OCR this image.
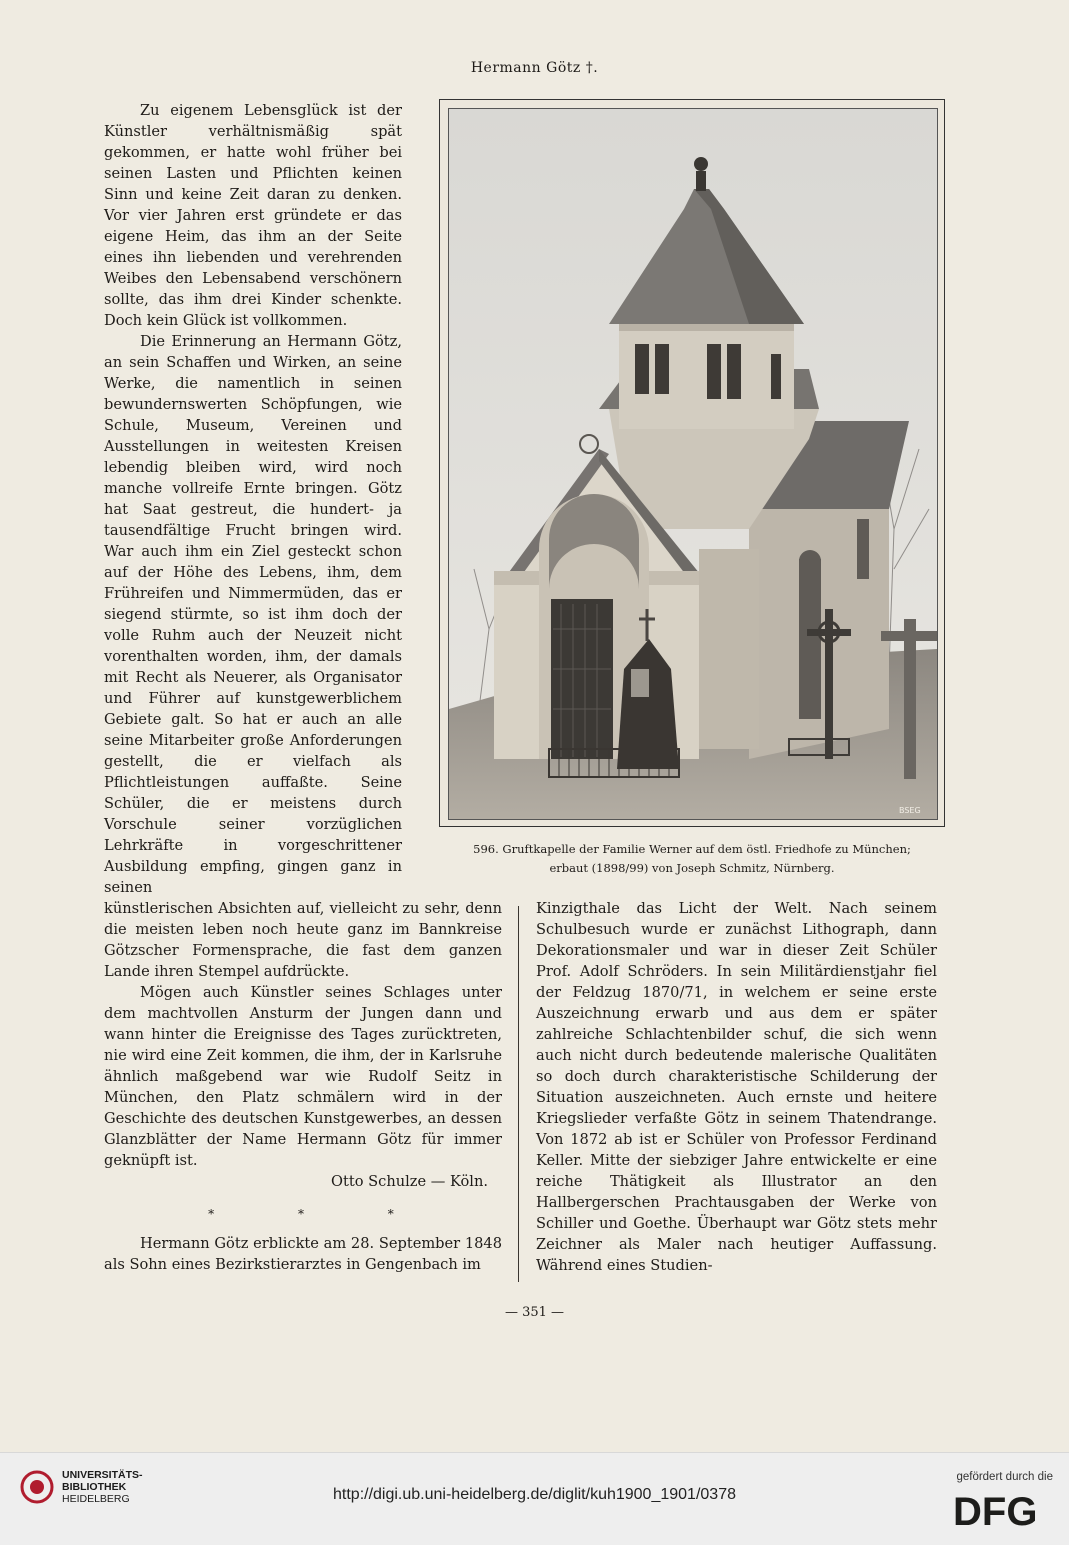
Hermann Götz †.

Zu eigenem Lebensglück ist der Künstler verhältnismäßig spät gekommen, er hatte wohl früher bei seinen Lasten und Pflichten keinen Sinn und keine Zeit daran zu denken. Vor vier Jahren erst gründete er das eigene Heim, das ihm an der Seite eines ihn liebenden und verehrenden Weibes den Lebensabend verschönern sollte, das ihm drei Kinder schenkte. Doch kein Glück ist vollkommen.

Die Erinnerung an Hermann Götz, an sein Schaffen und Wirken, an seine Werke, die namentlich in seinen bewundernswerten Schöpfungen, wie Schule, Museum, Vereinen und Ausstellungen in weitesten Kreisen lebendig bleiben wird, wird noch manche vollreife Ernte bringen. Götz hat Saat gestreut, die hundert- ja tausendfältige Frucht bringen wird. War auch ihm ein Ziel gesteckt schon auf der Höhe des Lebens, ihm, dem Frühreifen und Nimmermüden, das er siegend stürmte, so ist ihm doch der volle Ruhm auch der Neuzeit nicht vorenthalten worden, ihm, der damals mit Recht als Neuerer, als Organisator und Führer auf kunstgewerblichem Gebiete galt. So hat er auch an alle seine Mitarbeiter große Anforderungen gestellt, die er vielfach als Pflichtleistungen auffaßte. Seine Schüler, die er meistens durch Vorschule seiner vorzüglichen Lehrkräfte in vorgeschrittener Ausbildung empfing, gingen ganz in seinen

BSEG
596. Gruftkapelle der Familie Werner auf dem östl. Friedhofe zu München;
erbaut (1898/99) von Joseph Schmitz, Nürnberg.

künstlerischen Absichten auf, vielleicht zu sehr, denn die meisten leben noch heute ganz im Bannkreise Götzscher Formensprache, die fast dem ganzen Lande ihren Stempel aufdrückte.

Mögen auch Künstler seines Schlages unter dem machtvollen Ansturm der Jungen dann und wann hinter die Ereignisse des Tages zurücktreten, nie wird eine Zeit kommen, die ihm, der in Karlsruhe ähnlich maßgebend war wie Rudolf Seitz in München, den Platz schmälern wird in der Geschichte des deutschen Kunstgewerbes, an dessen Glanzblätter der Name Hermann Götz für immer geknüpft ist.

Otto Schulze — Köln.

* * *

Hermann Götz erblickte am 28. September 1848 als Sohn eines Bezirkstierarztes in Gengenbach im

Kinzigthale das Licht der Welt. Nach seinem Schulbesuch wurde er zunächst Lithograph, dann Dekorationsmaler und war in dieser Zeit Schüler Prof. Adolf Schröders. In sein Militärdienstjahr fiel der Feldzug 1870/71, in welchem er seine erste Auszeichnung erwarb und aus dem er später zahlreiche Schlachtenbilder schuf, die sich wenn auch nicht durch bedeutende malerische Qualitäten so doch durch charakteristische Schilderung der Situation auszeichneten. Auch ernste und heitere Kriegslieder verfaßte Götz in seinem Thatendrange. Von 1872 ab ist er Schüler von Professor Ferdinand Keller. Mitte der siebziger Jahre entwickelte er eine reiche Thätigkeit als Illustrator an den Hallbergerschen Prachtausgaben der Werke von Schiller und Goethe. Überhaupt war Götz stets mehr Zeichner als Maler nach heutiger Auffassung. Während eines Studien-

— 351 —
UNIVERSITÄTS-
BIBLIOTHEK
HEIDELBERG	http://digi.ub.uni-heidelberg.de/diglit/kuh1900_1901/0378
gefördert durch die
DFG
